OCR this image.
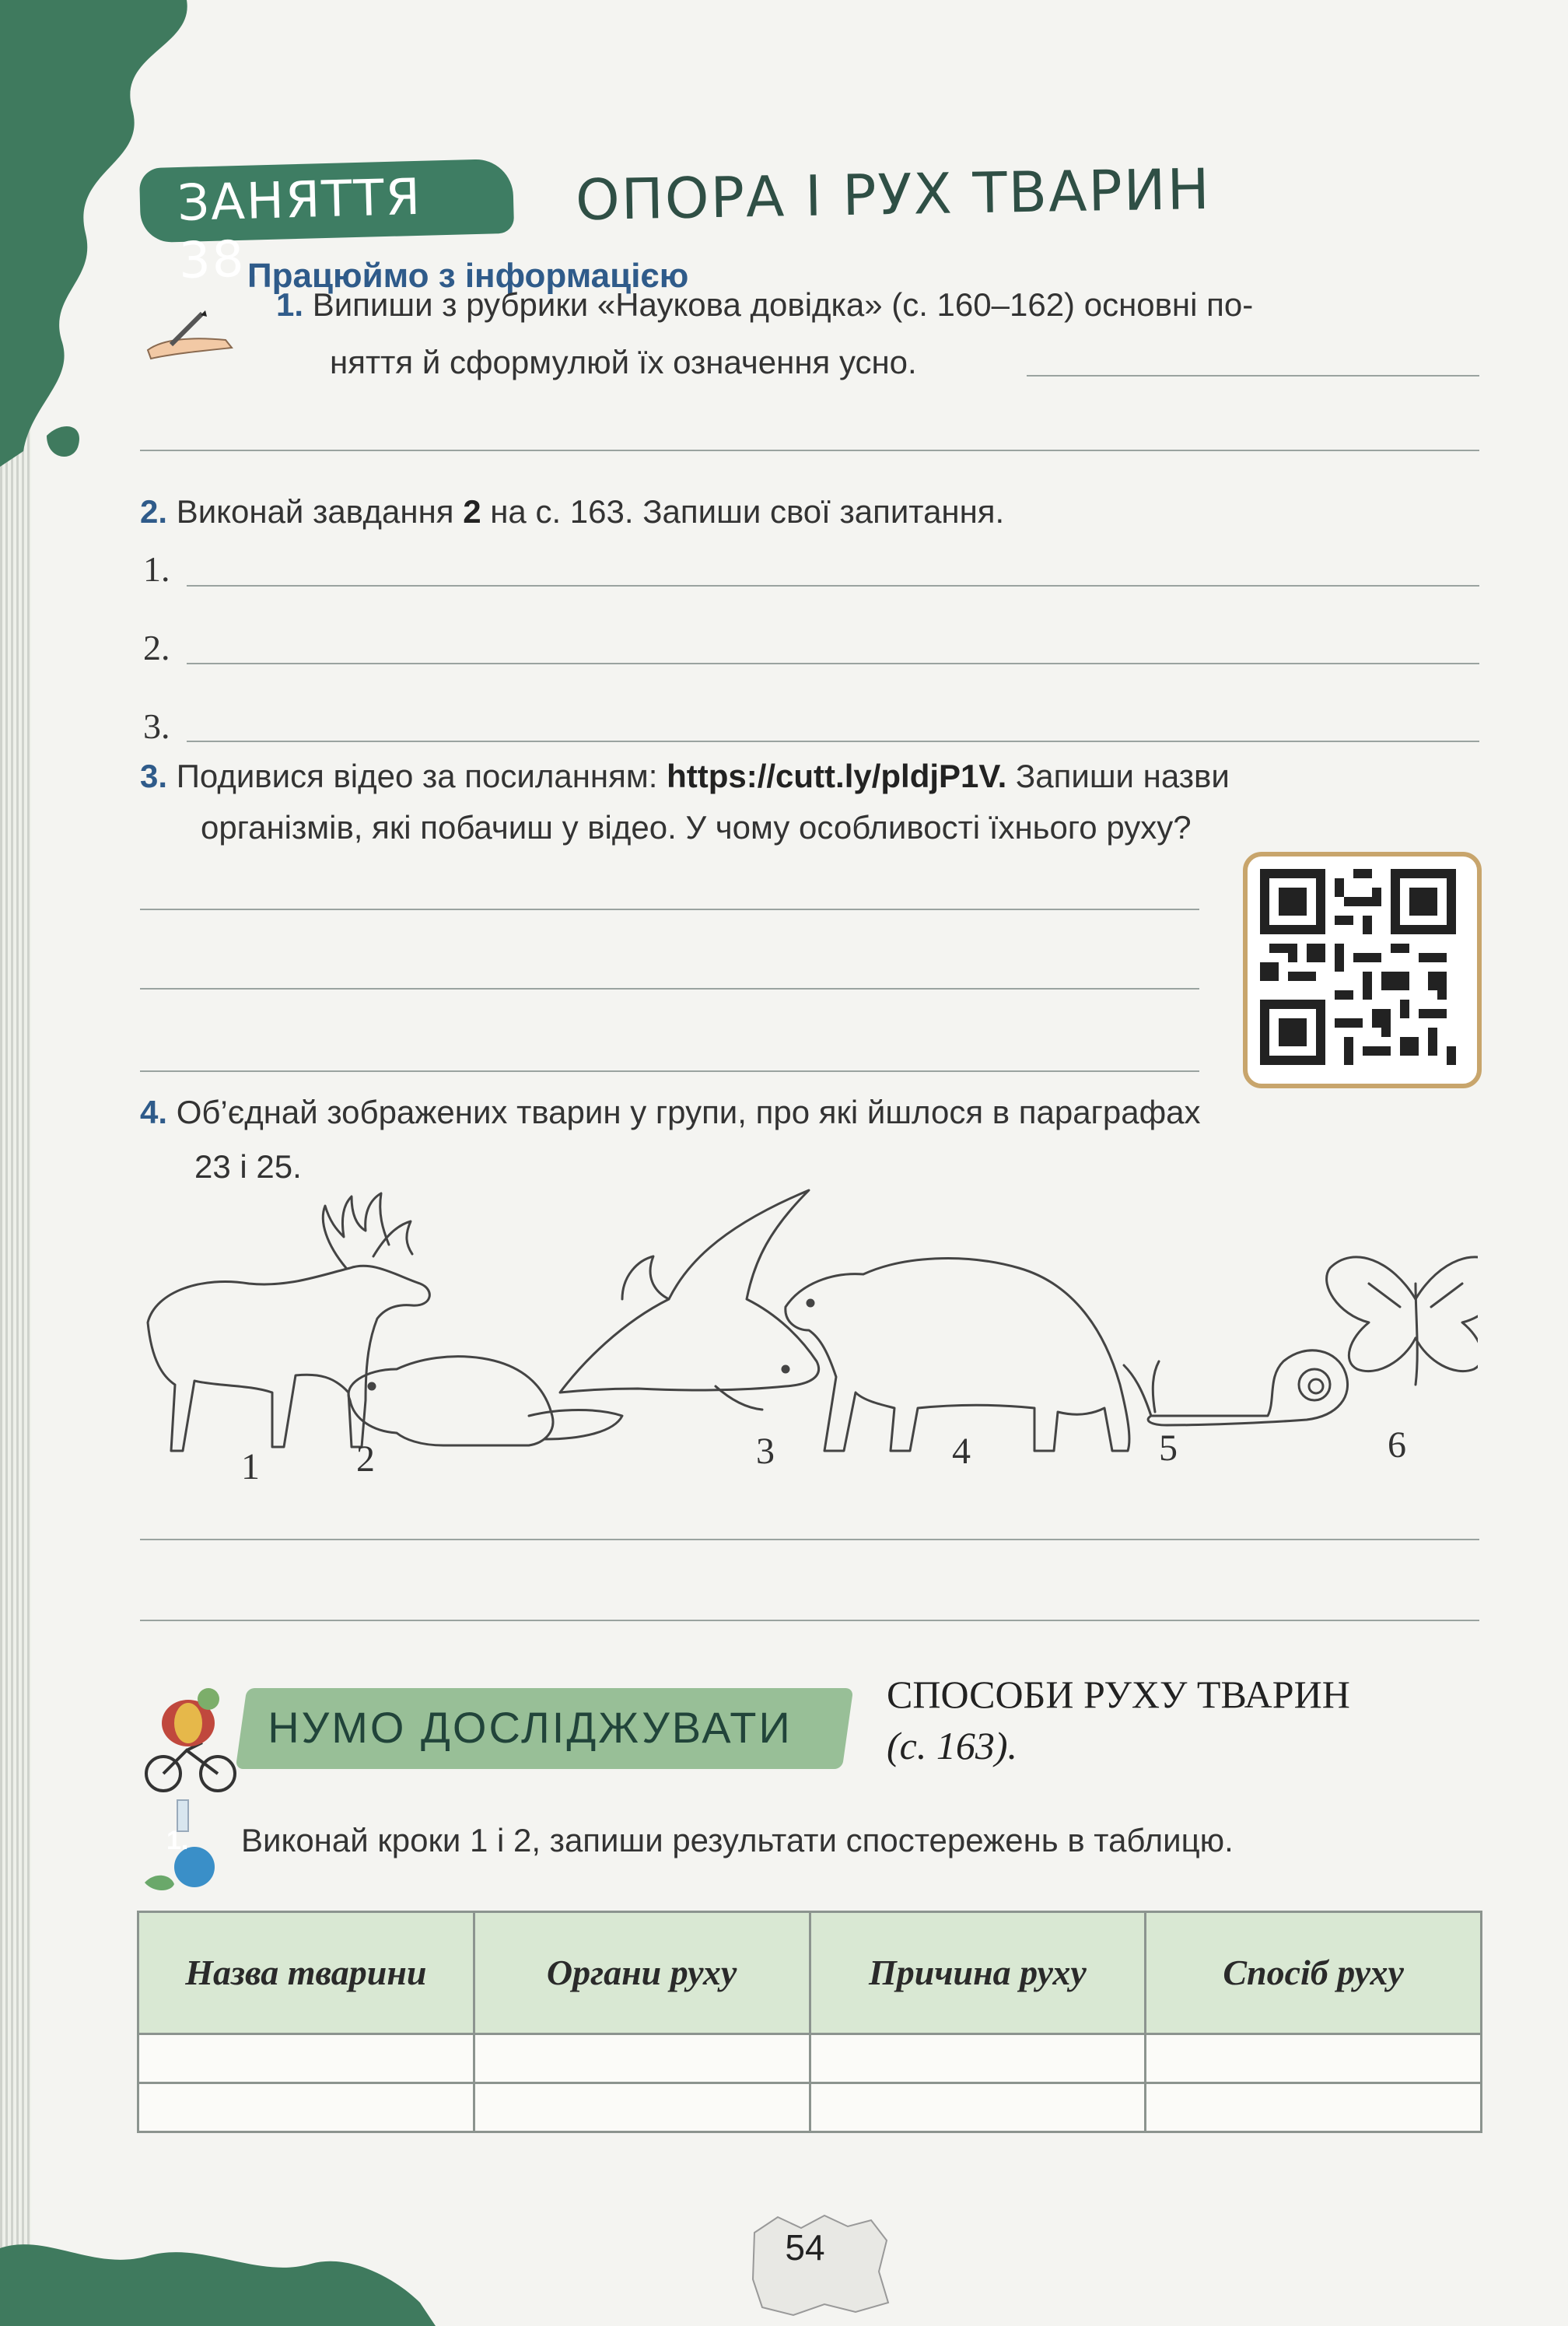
ЗАНЯТТЯ 38.
ОПОРА І РУХ ТВАРИН
Працюймо з інформацією
1. Випиши з рубрики «Наукова довідка» (с. 160–162) основні по-
няття й сформулюй їх означення усно.
2. Виконай завдання 2 на с. 163. Запиши свої запитання.
1.
2.
3.
3. Подивися відео за посиланням: https://cutt.ly/pldjP1V. Запиши назви
організмів, які побачиш у відео. У чому особливості їхнього руху?
4. Об’єднай зображених тварин у групи, про які йшлося в параграфах
23 і 25.
1	2	3	4	5	6
НУМО ДОСЛІДЖУВАТИ
СПОСОБИ РУХУ ТВАРИН
(с. 163).
1. Виконай кроки 1 і 2, запиши результати спостережень в таблицю.
Назва тварини	Органи руху	Причина руху	Спосіб руху

54
